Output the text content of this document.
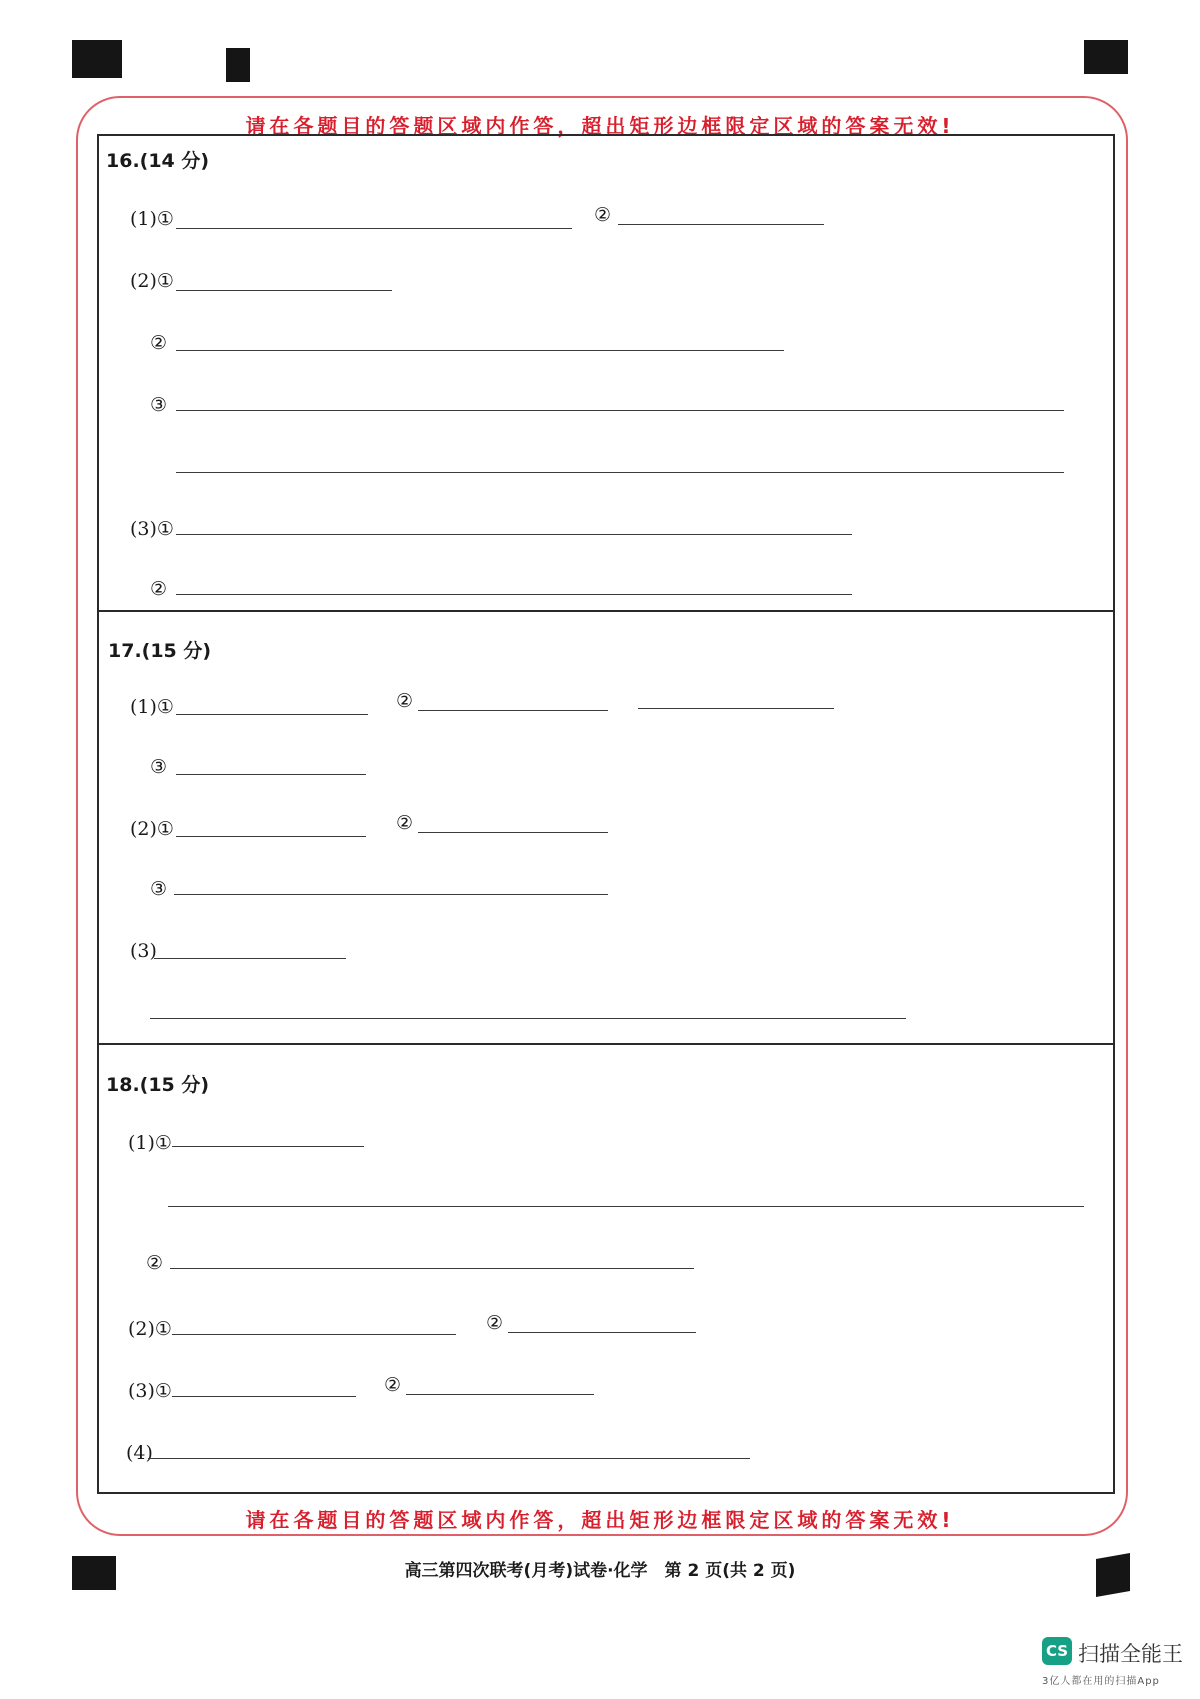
请在各题目的答题区域内作答，超出矩形边框限定区域的答案无效!
16.(14 分)
(1)①	②
(2)①
②
③
(3)①
②
17.(15 分)
(1)①	②
③
(2)①	②
③
(3)
18.(15 分)
(1)①
②
(2)①	②
(3)①	②
(4)
请在各题目的答题区域内作答，超出矩形边框限定区域的答案无效!
高三第四次联考(月考)试卷·化学　第 2 页(共 2 页)
CS 扫描全能王
3亿人都在用的扫描App
